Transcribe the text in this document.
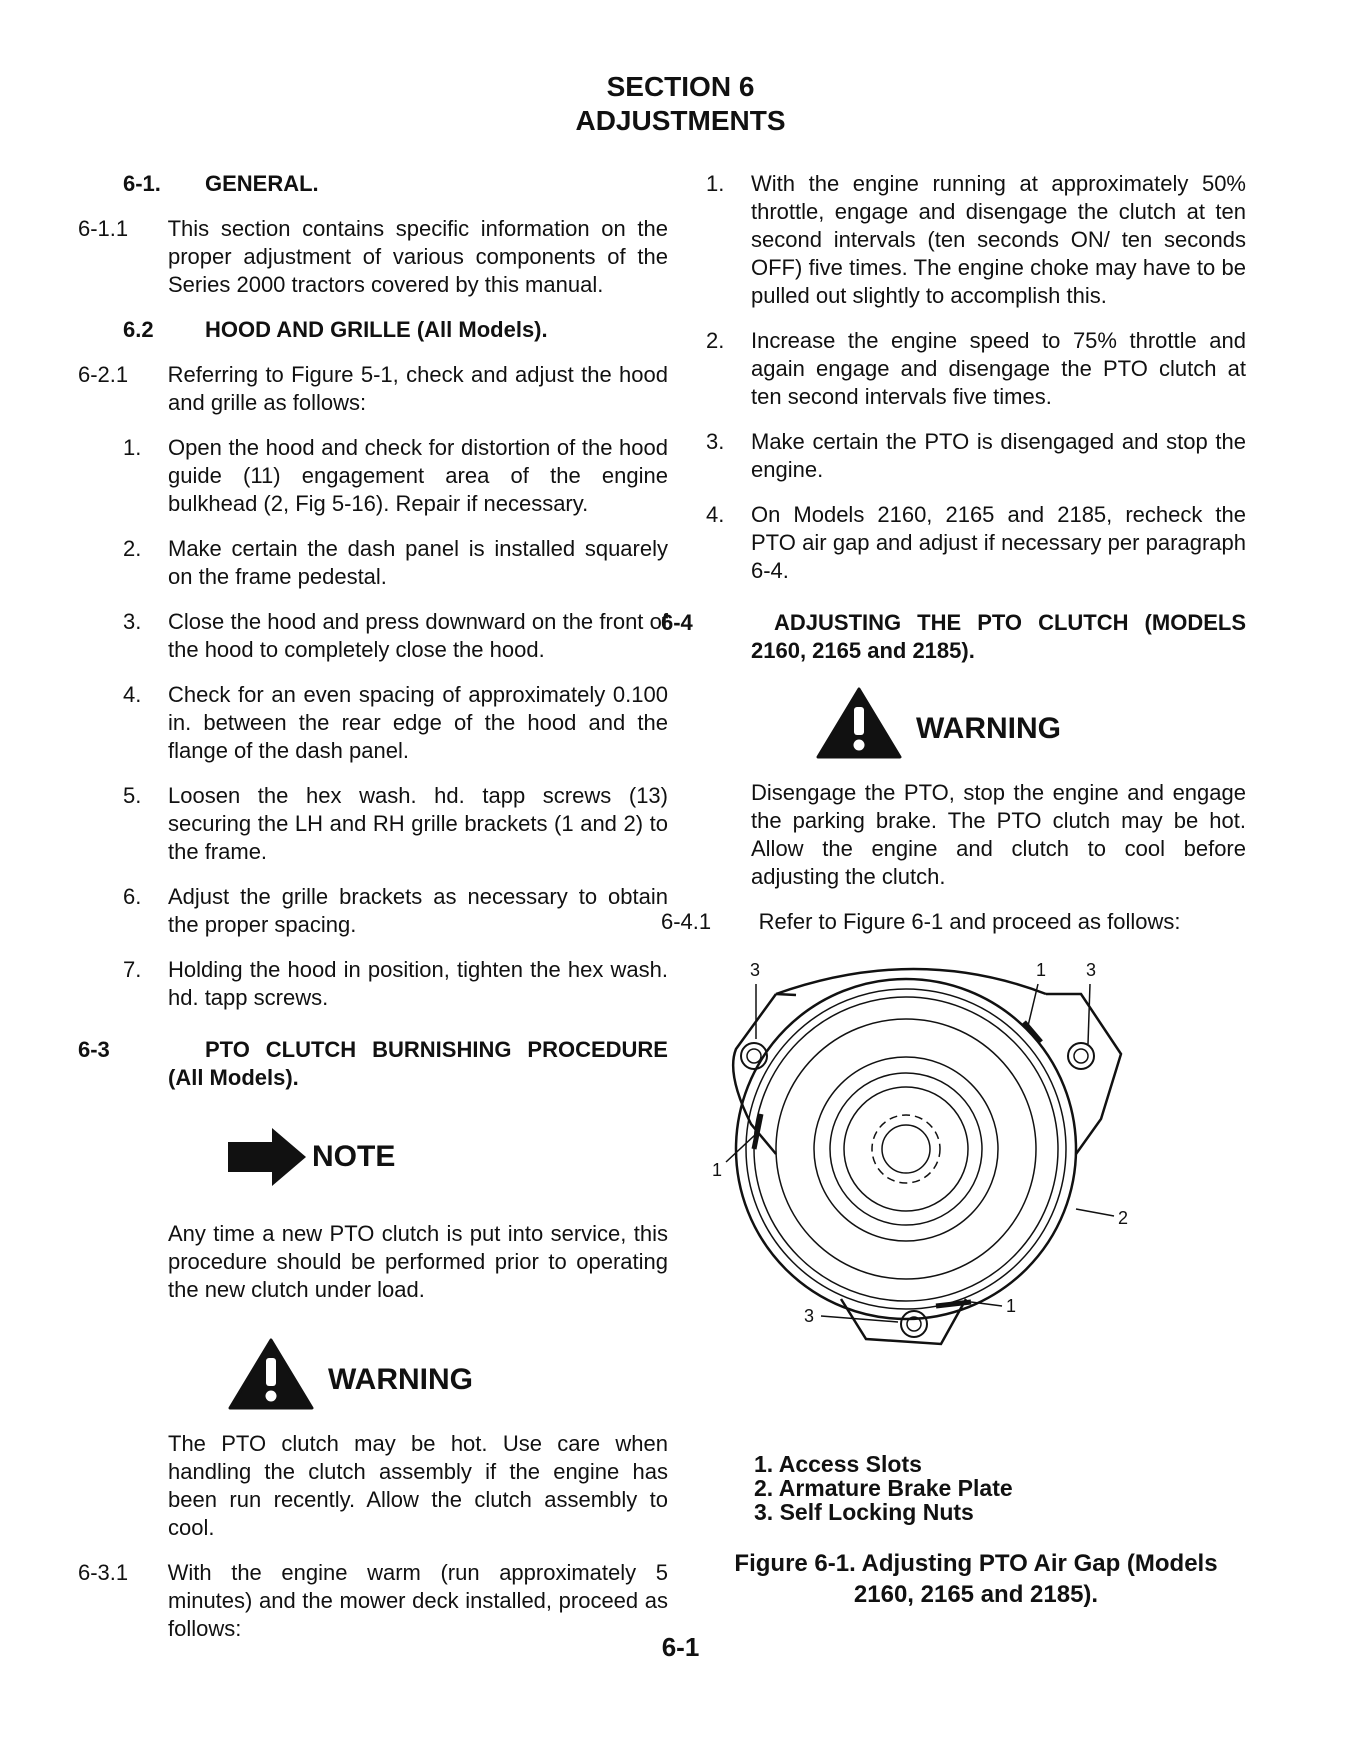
SECTION 6
ADJUSTMENTS

6-1. GENERAL.

6-1.1 This section contains specific information on the proper adjustment of various components of the Series 2000 tractors covered by this manual.

6.2 HOOD AND GRILLE (All Models).

6-2.1 Referring to Figure 5-1, check and adjust the hood and grille as follows:

1. Open the hood and check for distortion of the hood guide (11) engagement area of the engine bulkhead (2, Fig 5-16). Repair if necessary.

2. Make certain the dash panel is installed squarely on the frame pedestal.

3. Close the hood and press downward on the front of the hood to completely close the hood.

4. Check for an even spacing of approximately 0.100 in. between the rear edge of the hood and the flange of the dash panel.

5. Loosen the hex wash. hd. tapp screws (13) securing the LH and RH grille brackets (1 and 2) to the frame.

6. Adjust the grille brackets as necessary to obtain the proper spacing.

7. Holding the hood in position, tighten the hex wash. hd. tapp screws.

6-3	PTO CLUTCH BURNISHING PROCEDURE (All Models).

NOTE

Any time a new PTO clutch is put into service, this procedure should be performed prior to operating the new clutch under load.

WARNING

The PTO clutch may be hot. Use care when handling the clutch assembly if the engine has been run recently. Allow the clutch assembly to cool.

6-3.1 With the engine warm (run approximately 5 minutes) and the mower deck installed, proceed as follows:

1. With the engine running at approximately 50% throttle, engage and disengage the clutch at ten second intervals (ten seconds ON/ ten seconds OFF) five times. The engine choke may have to be pulled out slightly to accomplish this.

2. Increase the engine speed to 75% throttle and again engage and disengage the PTO clutch at ten second intervals five times.

3. Make certain the PTO is disengaged and stop the engine.

4. On Models 2160, 2165 and 2185, recheck the PTO air gap and adjust if necessary per paragraph 6-4.

6-4	ADJUSTING THE PTO CLUTCH (MODELS 2160, 2165 and 2185).

WARNING

Disengage the PTO, stop the engine and engage the parking brake. The PTO clutch may be hot. Allow the engine and clutch to cool before adjusting the clutch.

6-4.1 Refer to Figure 6-1 and proceed as follows:

3	1 3
1
2
3	1
1. Access Slots
2. Armature Brake Plate
3. Self Locking Nuts

Figure 6-1. Adjusting PTO Air Gap (Models 2160, 2165 and 2185).

6-1
